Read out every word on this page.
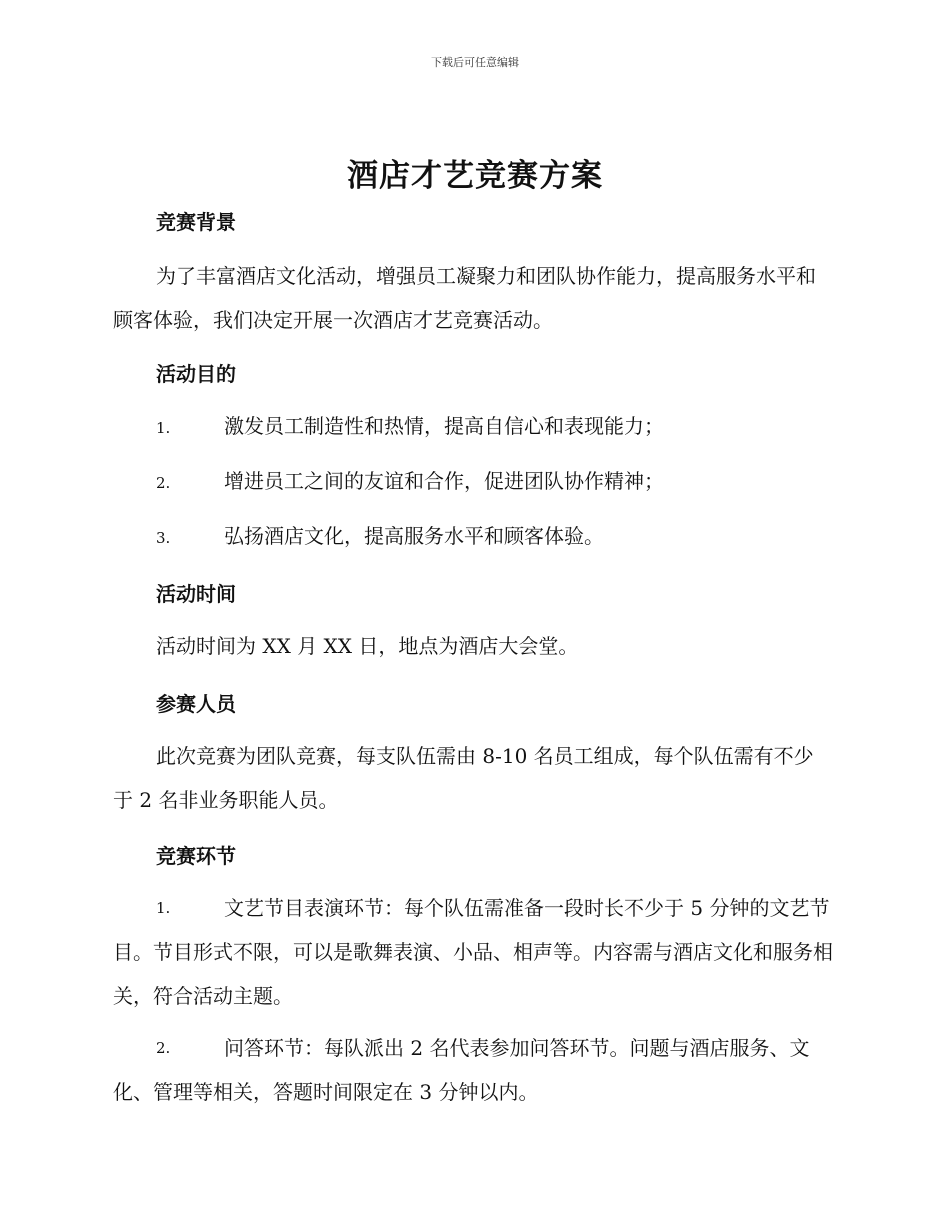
下载后可任意编辑
酒店才艺竞赛方案
竞赛背景

为了丰富酒店文化活动，增强员工凝聚力和团队协作能力，提高服务水平和顾客体验，我们决定开展一次酒店才艺竞赛活动。

活动目的
1.	激发员工制造性和热情，提高自信心和表现能力；
2.	增进员工之间的友谊和合作，促进团队协作精神；
3.	弘扬酒店文化，提高服务水平和顾客体验。
活动时间
活动时间为 XX 月 XX 日，地点为酒店大会堂。
参赛人员

此次竞赛为团队竞赛，每支队伍需由 8-10 名员工组成，每个队伍需有不少于 2 名非业务职能人员。

竞赛环节
1.	文艺节目表演环节：每个队伍需准备一段时长不少于 5 分钟的文艺节目。节目形式不限，可以是歌舞表演、小品、相声等。内容需与酒店文化和服务相关，符合活动主题。

2.	问答环节：每队派出 2 名代表参加问答环节。问题与酒店服务、文化、管理等相关，答题时间限定在 3 分钟以内。
